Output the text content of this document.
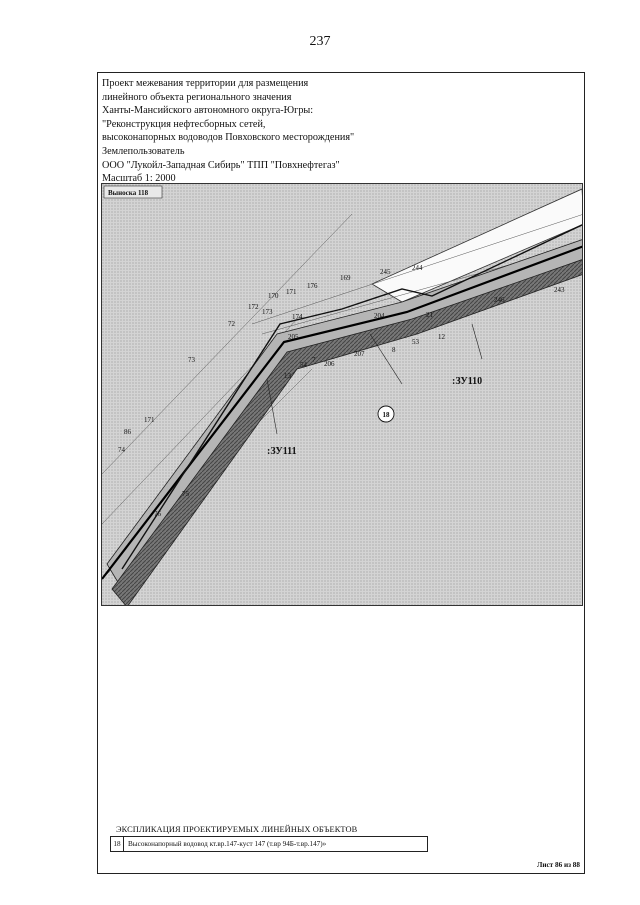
237
Проект межевания территории для размещения
линейного объекта регионального значения
Ханты-Мансийского автономного округа-Югры:
"Реконструкция нефтесборных сетей,
высоконапорных водоводов Повховского месторождения"
Землепользователь
ООО "Лукойл-Западная Сибирь" ТПП "Повхнефтегаз"
Масштаб 1: 2000
245	244
169
176
171
170
172
173
174
72
73
204
205
207
206
8
12
21
53
54
13
246
243
171
86
74
75
76
7
Выноска 118
:ЗУ110
:ЗУ111
18
ЭКСПЛИКАЦИЯ ПРОЕКТИРУЕМЫХ ЛИНЕЙНЫХ ОБЪЕКТОВ
18	Высоконапорный водовод кт.вр.147-куст 147 (т.вр 94Б-т.вр.147)»
Лист 86 из 88
